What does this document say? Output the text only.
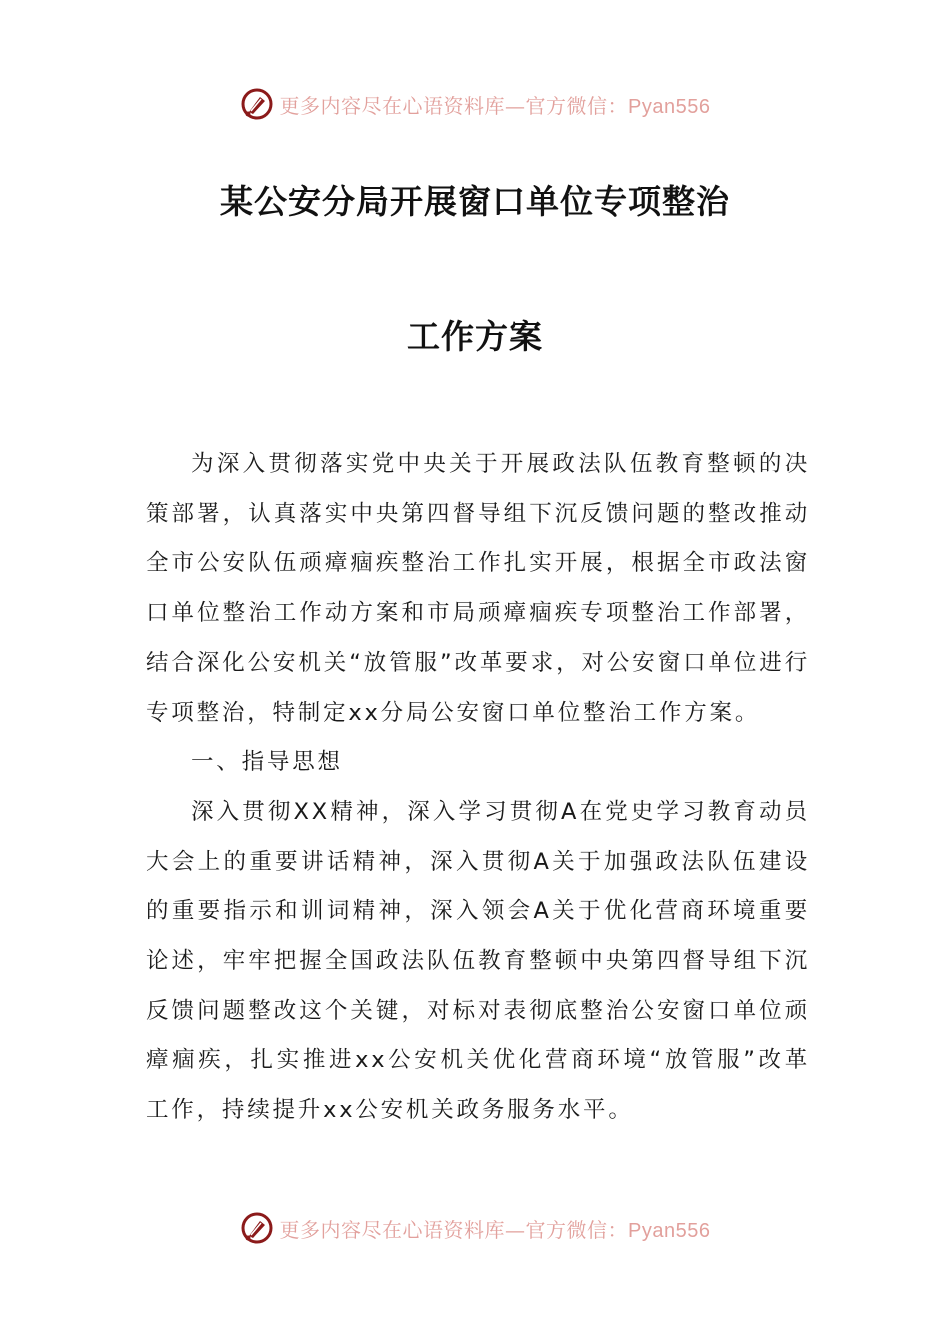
更多内容尽在心语资料库—官方微信：Pyan556
某公安分局开展窗口单位专项整治
工作方案

为深入贯彻落实党中央关于开展政法队伍教育整顿的决策部署，认真落实中央第四督导组下沉反馈问题的整改推动全市公安队伍顽瘴痼疾整治工作扎实开展，根据全市政法窗口单位整治工作动方案和市局顽瘴痼疾专项整治工作部署，结合深化公安机关“放管服”改革要求，对公安窗口单位进行专项整治，特制定xx分局公安窗口单位整治工作方案。

一、指导思想

深入贯彻XX精神，深入学习贯彻A在党史学习教育动员大会上的重要讲话精神，深入贯彻A关于加强政法队伍建设的重要指示和训词精神，深入领会A关于优化营商环境重要论述，牢牢把握全国政法队伍教育整顿中央第四督导组下沉反馈问题整改这个关键，对标对表彻底整治公安窗口单位顽瘴痼疾，扎实推进xx公安机关优化营商环境“放管服”改革工作，持续提升xx公安机关政务服务水平。

更多内容尽在心语资料库—官方微信：Pyan556
